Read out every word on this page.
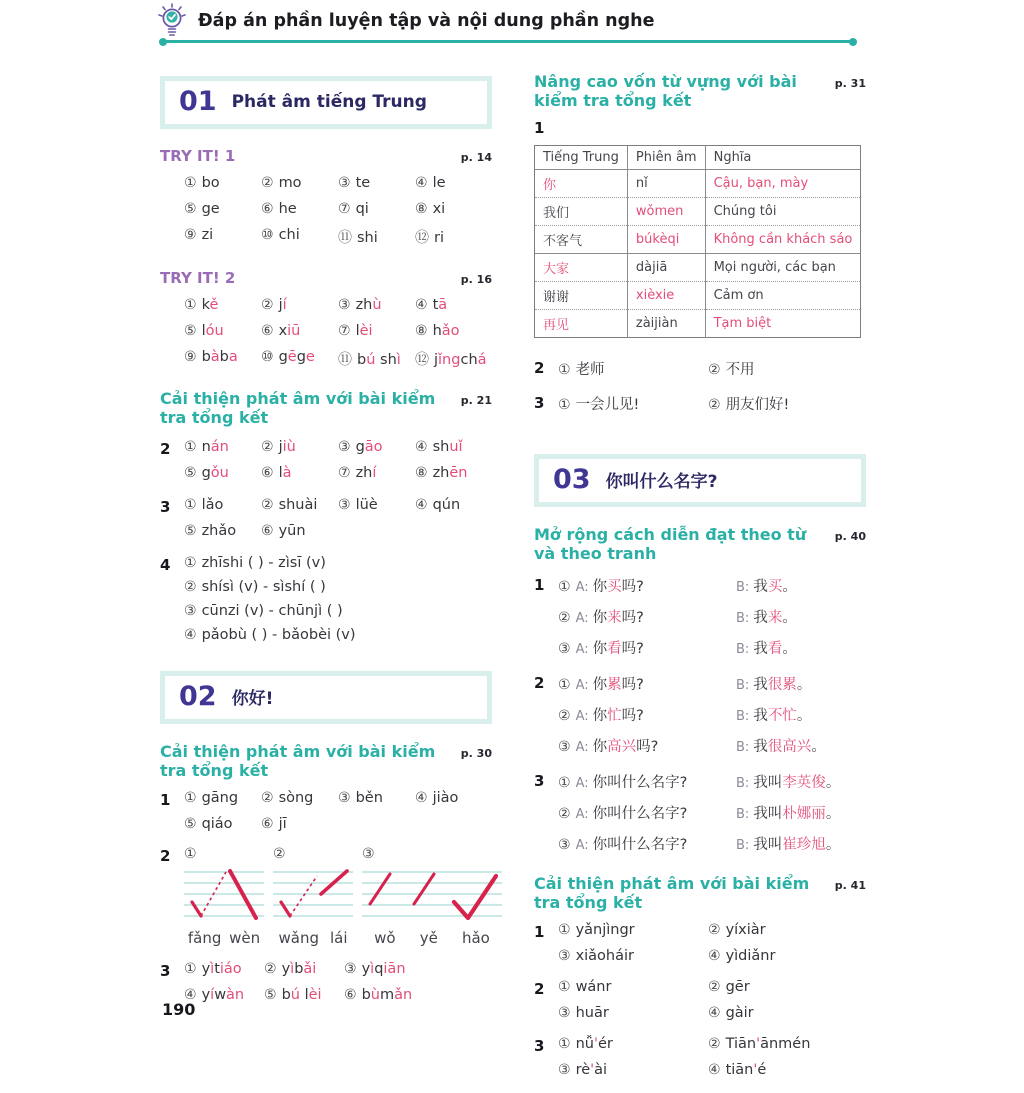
Đáp án phần luyện tập và nội dung phần nghe
01 Phát âm tiếng Trung
TRY IT! 1	p. 14
① bo	② mo	③ te	④ le
⑤ ge	⑥ he	⑦ qi	⑧ xi
⑨ zi	⑩ chi	⑪ shi	⑫ ri
TRY IT! 2	p. 16
① kě	② jí	③ zhù	④ tā
⑤ lóu	⑥ xiū	⑦ lèi	⑧ hǎo
⑨ bàba	⑩ gēge	⑪ bú shì	⑫ jǐngchá
Cải thiện phát âm với bài kiểm tra tổng kết
p. 21
2 ① nán	② jiù	③ gāo	④ shuǐ
⑤ gǒu	⑥ là	⑦ zhí	⑧ zhēn
3 ① lǎo	② shuài	③ lüè	④ qún
⑤ zhǎo	⑥ yūn
4 ① zhīshi ( ) - zìsī (v)
② shísì (v) - sìshí ( )
③ cūnzi (v) - chūnjì ( )
④ pǎobù ( ) - bǎobèi (v)
02 你好!
Cải thiện phát âm với bài kiểm tra tổng kết
p. 30
1 ① gāng	② sòng	③ běn	④ jiào
⑤ qiáo	⑥ jī
2 ①
fǎng wèn
②
wǎng lái
③
wǒ yě hǎo
3 ① yìtiáo	② yìbǎi	③ yìqiān
④ yíwàn	⑤ bú lèi	⑥ bùmǎn
Nâng cao vốn từ vựng với bài kiểm tra tổng kết
p. 31
1
Tiếng Trung	Phiên âm	Nghĩa
你	nǐ	Cậu, bạn, mày
我们	wǒmen	Chúng tôi
不客气	búkèqi	Không cần khách sáo
大家	dàjiā	Mọi người, các bạn
谢谢	xièxie	Cảm ơn
再见	zàijiàn	Tạm biệt
2 ① 老师	② 不用
3 ① 一会儿见!	② 朋友们好!
03 你叫什么名字?
Mở rộng cách diễn đạt theo từ và theo tranh
p. 40
1 ① A: 你买吗?	B: 我买。
② A: 你来吗?	B: 我来。
③ A: 你看吗?	B: 我看。
2 ① A: 你累吗?	B: 我很累。
② A: 你忙吗?	B: 我不忙。
③ A: 你高兴吗?	B: 我很高兴。
3 ① A: 你叫什么名字?	B: 我叫李英俊。
② A: 你叫什么名字?	B: 我叫朴娜丽。
③ A: 你叫什么名字?	B: 我叫崔珍旭。
Cải thiện phát âm với bài kiểm tra tổng kết
p. 41
1 ① yǎnjìngr	② yíxiàr
③ xiǎoháir	④ yìdiǎnr
2 ① wánr	② gēr
③ huār	④ gàir
3 ① nǚ'ér	② Tiān'ānmén
③ rè'ài	④ tiān'é
190
